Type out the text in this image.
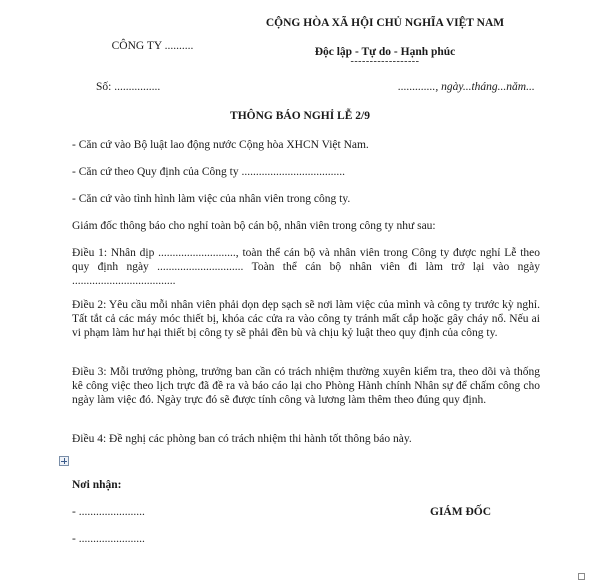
CỘNG HÒA XÃ HỘI CHỦ NGHĨA VIỆT NAM
CÔNG TY ..........	Độc lập - Tự do - Hạnh phúc
------------------
Số: ................	............., ngày...tháng...năm...
THÔNG BÁO NGHỈ LỄ 2/9
- Căn cứ vào Bộ luật lao động nước Cộng hòa XHCN Việt Nam.
- Căn cứ theo Quy định của Công ty ....................................
- Căn cứ vào tình hình làm việc của nhân viên trong công ty.
Giám đốc thông báo cho nghỉ toàn bộ cán bộ, nhân viên trong công ty như sau:
Điều 1: Nhân dịp ..........................., toàn thể cán bộ và nhân viên trong Công ty được nghỉ Lễ theo quy định ngày .............................. Toàn thể cán bộ nhân viên đi làm trở lại vào ngày ....................................
Điều 2: Yêu cầu mỗi nhân viên phải dọn dẹp sạch sẽ nơi làm việc của mình và công ty trước kỳ nghỉ. Tất tắt cả các máy móc thiết bị, khóa các cửa ra vào công ty tránh mất cắp hoặc gây cháy nổ. Nếu ai vi phạm làm hư hại thiết bị công ty sẽ phải đền bù và chịu kỷ luật theo quy định của công ty.
Điều 3: Mỗi trưởng phòng, trưởng ban cần có trách nhiệm thường xuyên kiểm tra, theo dõi và thống kê công việc theo lịch trực đã đề ra và báo cáo lại cho Phòng Hành chính Nhân sự để chấm công cho ngày làm việc đó. Ngày trực đó sẽ được tính công và lương làm thêm theo đúng quy định.
Điều 4: Đề nghị các phòng ban có trách nhiệm thi hành tốt thông báo này.
Nơi nhận:
- .......................	GIÁM ĐỐC
- .......................
